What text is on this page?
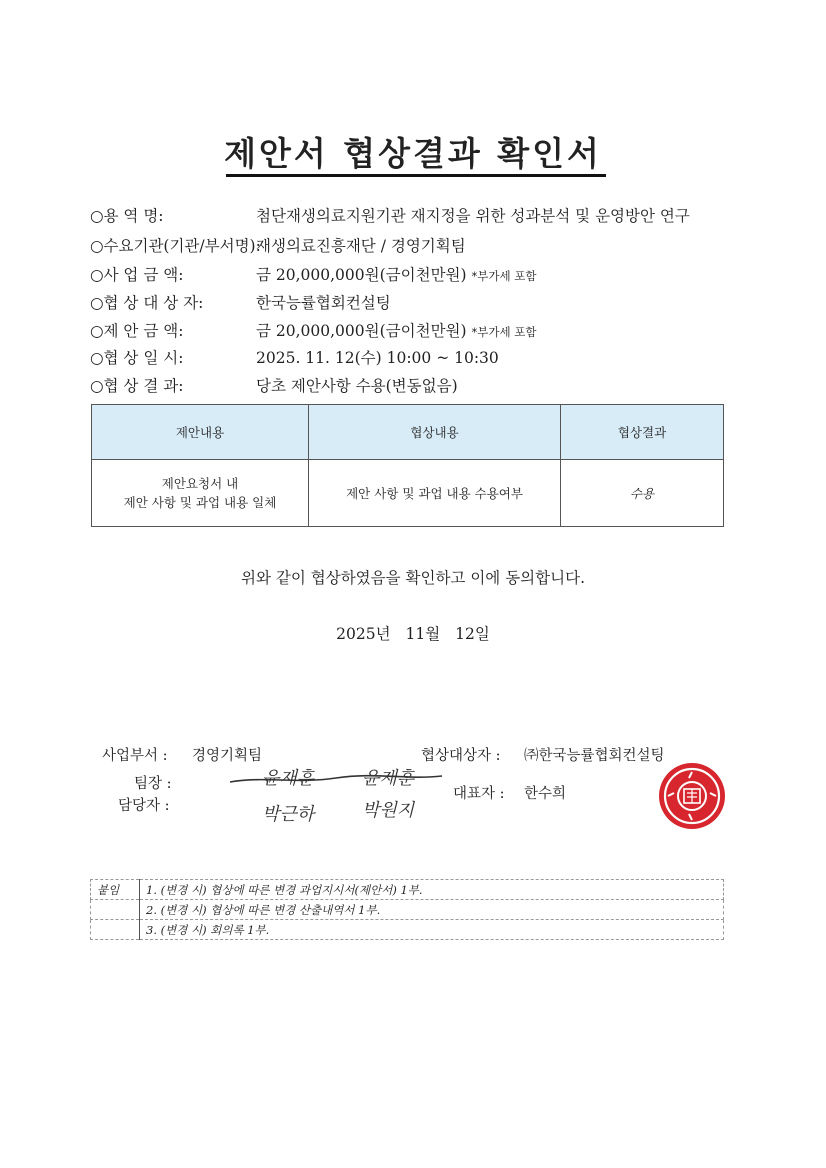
제안서 협상결과 확인서
○용 역 명:	첨단재생의료지원기관 재지정을 위한 성과분석 및 운영방안 연구
○수요기관(기관/부서명):재생의료진흥재단 / 경영기획팀
○사 업 금 액:	금 20,000,000원(금이천만원) *부가세 포함
○협 상 대 상 자:	한국능률협회컨설팅
○제 안 금 액:	금 20,000,000원(금이천만원) *부가세 포함
○협 상 일 시:	2025. 11. 12(수) 10:00 ~ 10:30
○협 상 결 과:	당초 제안사항 수용(변동없음)
제안내용	협상내용	협상결과

제안요청서 내
제안 사항 및 과업 내용 일체	제안 사항 및 과업 내용 수용여부	수용
위와 같이 협상하였음을 확인하고 이에 동의합니다.
2025년 11월 12일
사업부서 : 경영기획팀
팀장 :
담당자 :
윤재훈	윤재훈
박근하	박원지
협상대상자 : ㈜한국능률협회컨설팅
대표자 : 한수희
붙임	1. (변경 시) 협상에 따른 변경 과업지시서(제안서) 1부.
	2. (변경 시) 협상에 따른 변경 산출내역서 1부.
	3. (변경 시) 회의록 1부.
